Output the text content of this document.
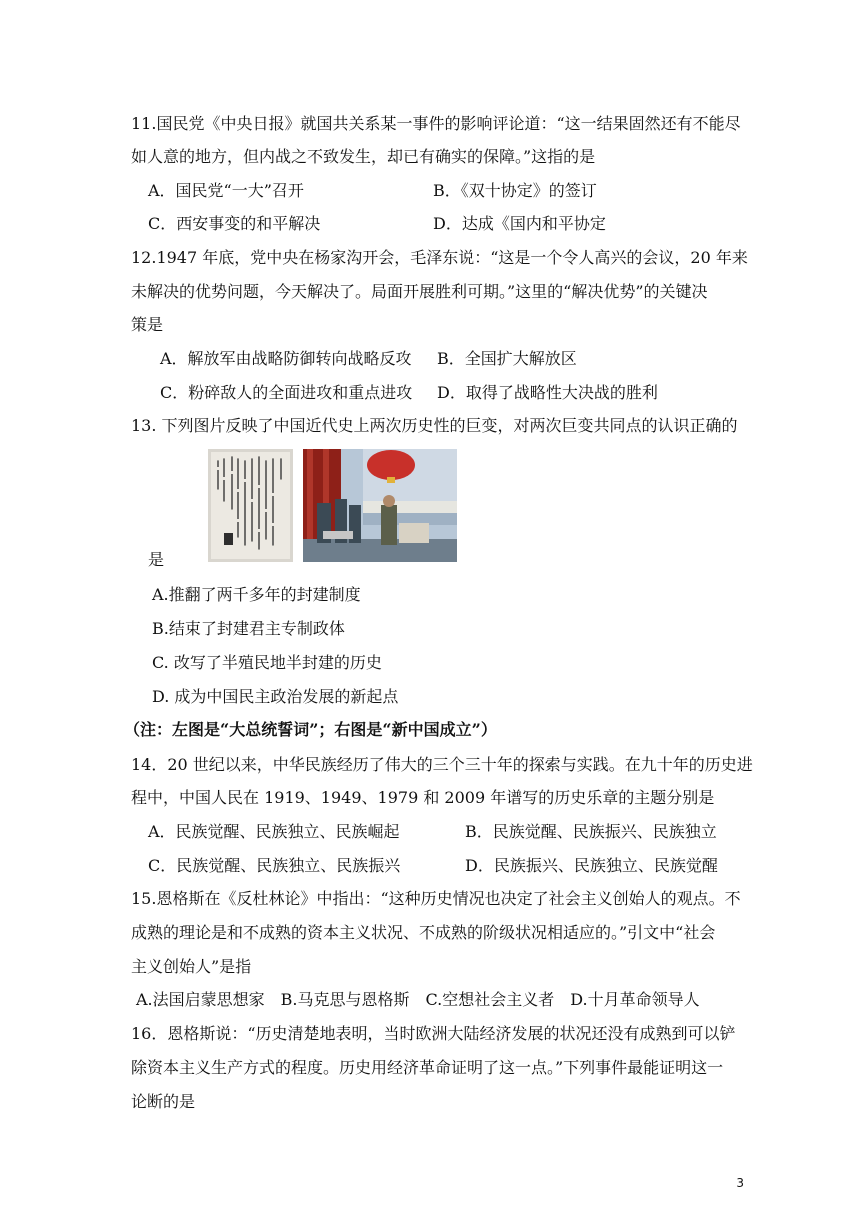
11.国民党《中央日报》就国共关系某一事件的影响评论道：“这一结果固然还有不能尽
如人意的地方，但内战之不致发生，却已有确实的保障。”这指的是
A．国民党“一大”召开	B．《双十协定》的签订
C．西安事变的和平解决	D．达成《国内和平协定
12.1947 年底，党中央在杨家沟开会，毛泽东说：“这是一个令人高兴的会议，20 年来
未解决的优势问题，今天解决了。局面开展胜利可期。”这里的“解决优势”的关键决
策是
A．解放军由战略防御转向战略反攻 B．全国扩大解放区
C．粉碎敌人的全面进攻和重点进攻 D．取得了战略性大决战的胜利
13. 下列图片反映了中国近代史上两次历史性的巨变，对两次巨变共同点的认识正确的
是
A.推翻了两千多年的封建制度
B.结束了封建君主专制政体
C. 改写了半殖民地半封建的历史
D. 成为中国民主政治发展的新起点
（注：左图是“大总统誓词”；右图是“新中国成立”）
14．20 世纪以来，中华民族经历了伟大的三个三十年的探索与实践。在九十年的历史进
程中，中国人民在 1919、1949、1979 和 2009 年谱写的历史乐章的主题分别是
A．民族觉醒、民族独立、民族崛起	B．民族觉醒、民族振兴、民族独立
C．民族觉醒、民族独立、民族振兴	D．民族振兴、民族独立、民族觉醒
15.恩格斯在《反杜林论》中指出：“这种历史情况也决定了社会主义创始人的观点。不
成熟的理论是和不成熟的资本主义状况、不成熟的阶级状况相适应的。”引文中“社会
主义创始人”是指
A.法国启蒙思想家　B.马克思与恩格斯　C.空想社会主义者　D.十月革命领导人
16．恩格斯说：“历史清楚地表明，当时欧洲大陆经济发展的状况还没有成熟到可以铲
除资本主义生产方式的程度。历史用经济革命证明了这一点。”下列事件最能证明这一
论断的是
3
